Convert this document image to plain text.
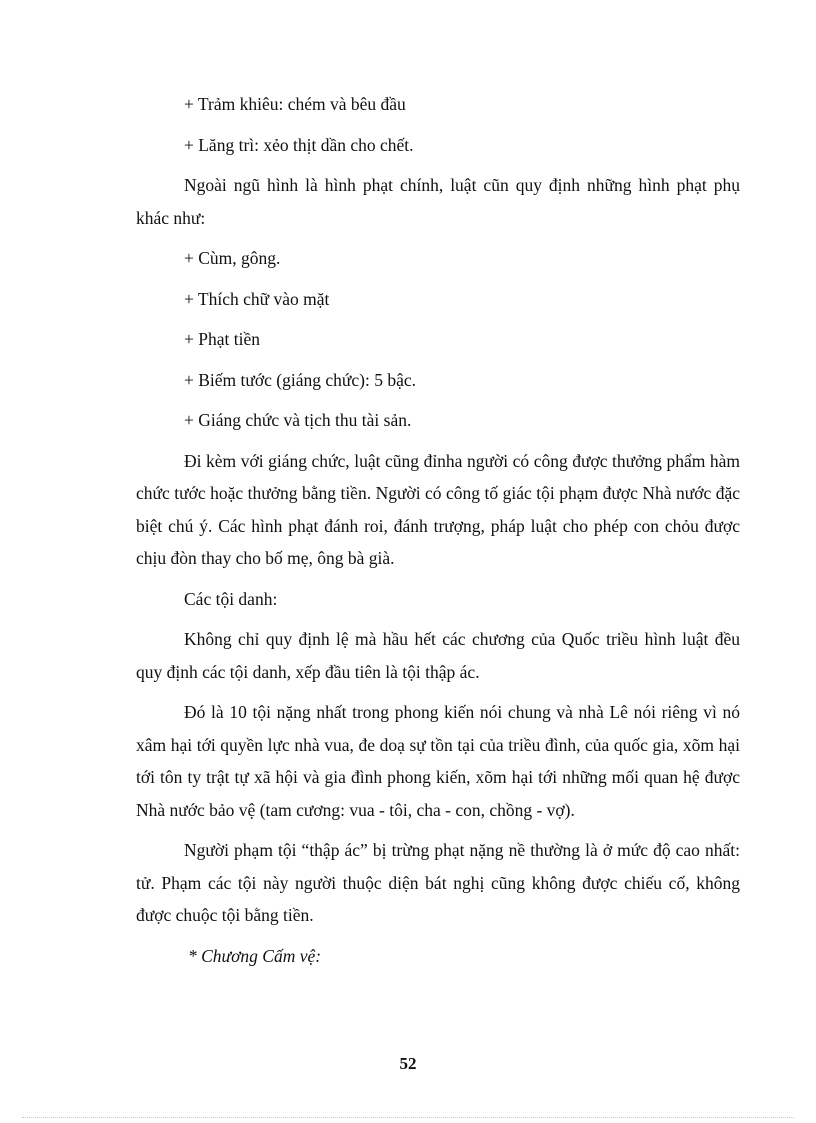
+ Trảm khiêu: chém và bêu đầu

+ Lăng trì: xẻo thịt dần cho chết.

Ngoài ngũ hình là hình phạt chính, luật cũn quy định những hình phạt phụ khác như:

+ Cùm, gông.

+ Thích chữ vào mặt

+ Phạt tiền

+ Biếm tước (giáng chức): 5 bậc.

+ Giáng chức và tịch thu tài sản.

Đi kèm với giáng chức, luật cũng đỉnha người có công được thưởng phẩm hàm chức tước hoặc thưởng bằng tiền. Người có công tố giác tội phạm được Nhà nước đặc biệt chú ý. Các hình phạt đánh roi, đánh trượng, pháp luật cho phép con chỏu được chịu đòn thay cho bố mẹ, ông bà già.

Các tội danh:

Không chỉ quy định lệ mà hầu hết các chương của Quốc triều hình luật đều quy định các tội danh, xếp đầu tiên là tội thập ác.

Đó là 10 tội nặng nhất trong phong kiến nói chung và nhà Lê nói riêng vì nó xâm hại tới quyền lực nhà vua, đe doạ sự tồn tại của triều đình, của quốc gia, xõm hại tới tôn ty trật tự xã hội và gia đình phong kiến, xõm hại tới những mối quan hệ được Nhà nước bảo vệ (tam cương: vua - tôi, cha - con, chồng - vợ).

Người phạm tội “thập ác” bị trừng phạt nặng nề thường là ở mức độ cao nhất: tử. Phạm các tội này người thuộc diện bát nghị cũng không được chiếu cố, không được chuộc tội bằng tiền.

* Chương Cấm vệ:

52
